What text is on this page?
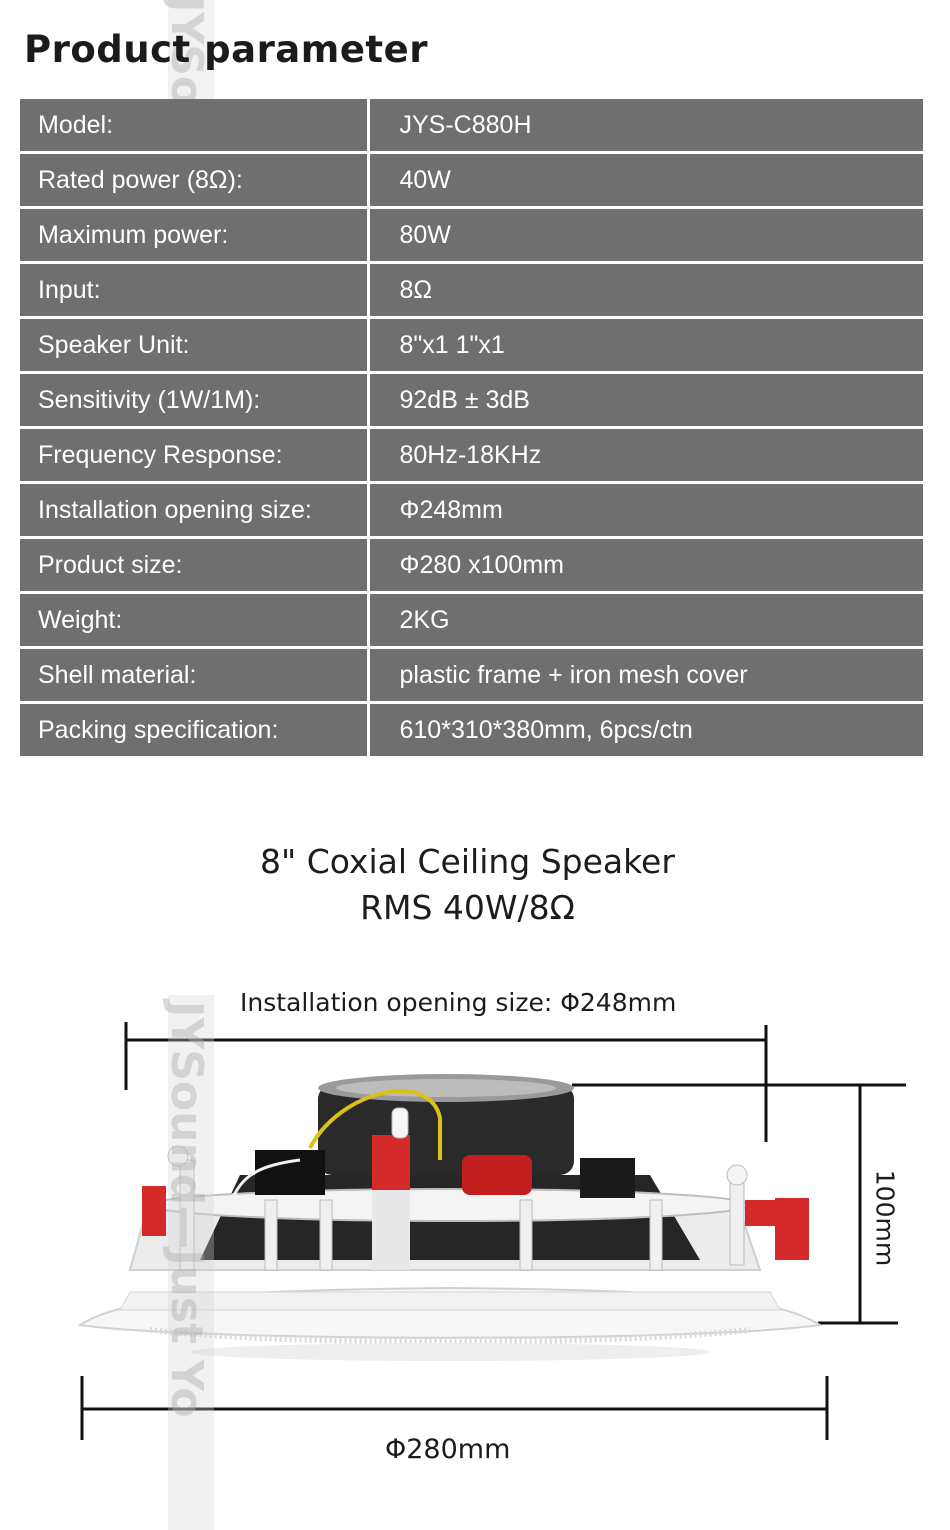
Product parameter
Model:	JYS-C880H
Rated power (8Ω):	40W
Maximum power:	80W
Input:	8Ω
Speaker Unit:	8"x1 1"x1
Sensitivity (1W/1M):	92dB ± 3dB
Frequency Response:	80Hz-18KHz
Installation opening size:	Φ248mm
Product size:	Φ280 x100mm
Weight:	2KG
Shell material:	plastic frame + iron mesh cover
Packing specification:	610*310*380mm, 6pcs/ctn
8" Coxial Ceiling Speaker
RMS 40W/8Ω
JYSound—Just Yo Installation opening size: Φ248mm

Φ280mm

100mm
